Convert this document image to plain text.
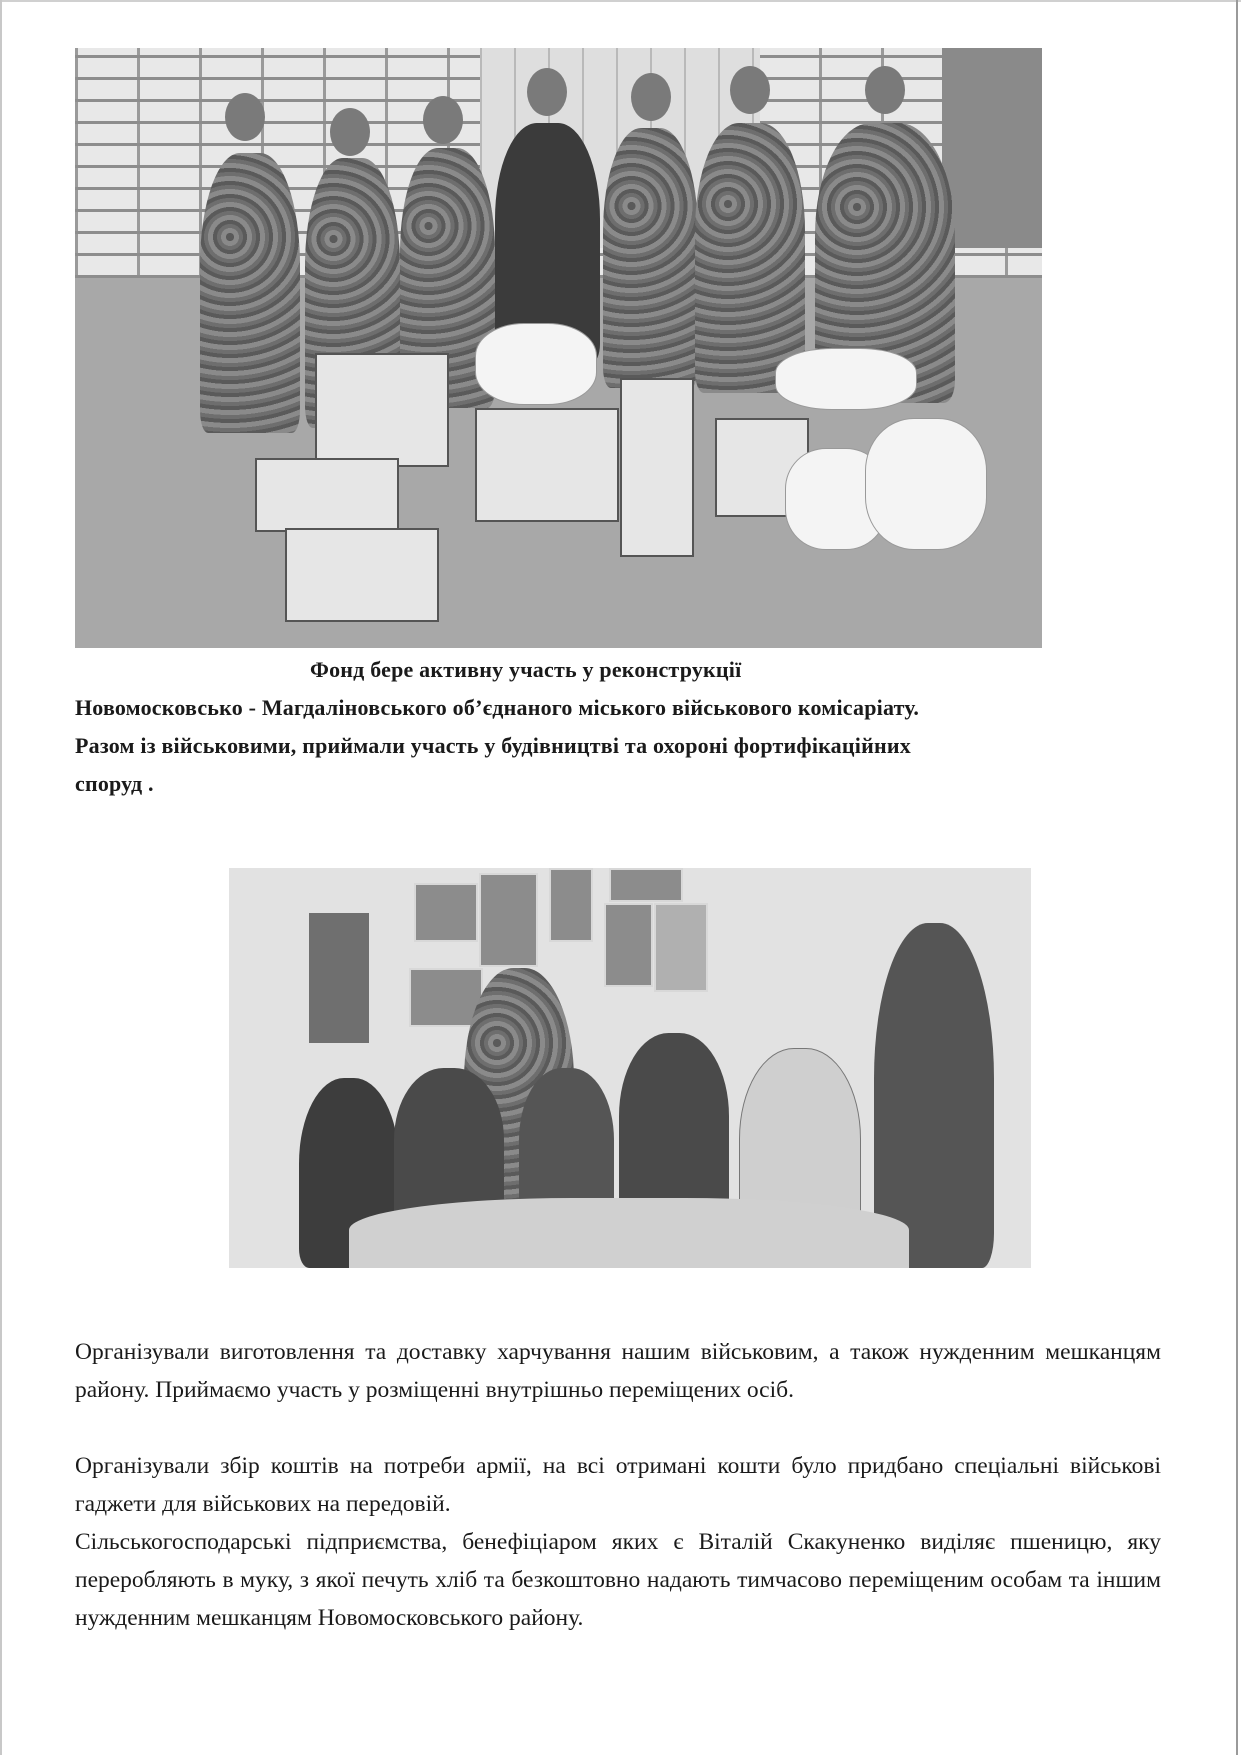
Фонд бере активну участь у реконструкції
Новомосковсько - Магдаліновського об’єднаного міського військового комісаріату.
Разом із військовими, приймали участь у будівництві та охороні фортифікаційних
споруд .

Організували виготовлення та доставку харчування нашим військовим, а також нужденним мешканцям району. Приймаємо участь у розміщенні внутрішньо переміщених осіб.

Організували збір коштів на потреби армії, на всі отримані кошти було придбано спеціальні військові гаджети для військових на передовій.

Сільськогосподарські підприємства, бенефіціаром яких є Віталій Скакуненко виділяє пшеницю, яку переробляють в муку, з якої печуть хліб та безкоштовно надають тимчасово переміщеним особам та іншим нужденним мешканцям Новомосковського району.
